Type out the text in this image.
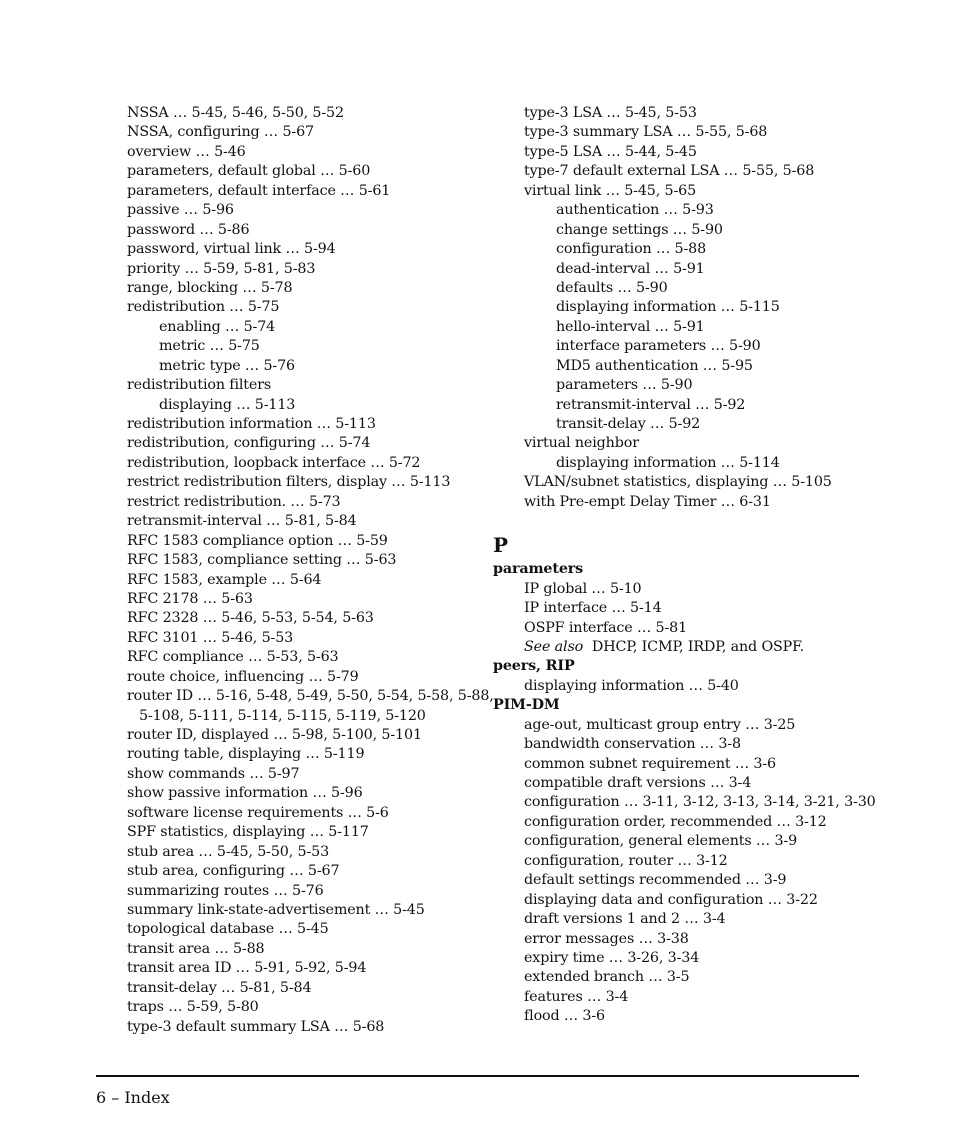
NSSA … 5-45, 5-46, 5-50, 5-52
NSSA, configuring … 5-67
overview … 5-46
parameters, default global … 5-60
parameters, default interface … 5-61
passive … 5-96
password … 5-86
password, virtual link … 5-94
priority … 5-59, 5-81, 5-83
range, blocking … 5-78
redistribution … 5-75
enabling … 5-74
metric … 5-75
metric type … 5-76
redistribution filters
displaying … 5-113
redistribution information … 5-113
redistribution, configuring … 5-74
redistribution, loopback interface … 5-72
restrict redistribution filters, display … 5-113
restrict redistribution. … 5-73
retransmit-interval … 5-81, 5-84
RFC 1583 compliance option … 5-59
RFC 1583, compliance setting … 5-63
RFC 1583, example … 5-64
RFC 2178 … 5-63
RFC 2328 … 5-46, 5-53, 5-54, 5-63
RFC 3101 … 5-46, 5-53
RFC compliance … 5-53, 5-63
route choice, influencing … 5-79
router ID … 5-16, 5-48, 5-49, 5-50, 5-54, 5-58, 5-88,
5-108, 5-111, 5-114, 5-115, 5-119, 5-120
router ID, displayed … 5-98, 5-100, 5-101
routing table, displaying … 5-119
show commands … 5-97
show passive information … 5-96
software license requirements … 5-6
SPF statistics, displaying … 5-117
stub area … 5-45, 5-50, 5-53
stub area, configuring … 5-67
summarizing routes … 5-76
summary link-state-advertisement … 5-45
topological database … 5-45
transit area … 5-88
transit area ID … 5-91, 5-92, 5-94
transit-delay … 5-81, 5-84
traps … 5-59, 5-80
type-3 default summary LSA … 5-68
type-3 LSA … 5-45, 5-53
type-3 summary LSA … 5-55, 5-68
type-5 LSA … 5-44, 5-45
type-7 default external LSA … 5-55, 5-68
virtual link … 5-45, 5-65
authentication … 5-93
change settings … 5-90
configuration … 5-88
dead-interval … 5-91
defaults … 5-90
displaying information … 5-115
hello-interval … 5-91
interface parameters … 5-90
MD5 authentication … 5-95
parameters … 5-90
retransmit-interval … 5-92
transit-delay … 5-92
virtual neighbor
displaying information … 5-114
VLAN/subnet statistics, displaying … 5-105
with Pre-empt Delay Timer … 6-31
P
parameters
IP global … 5-10
IP interface … 5-14
OSPF interface … 5-81
See also DHCP, ICMP, IRDP, and OSPF.
peers, RIP
displaying information … 5-40
PIM-DM
age-out, multicast group entry … 3-25
bandwidth conservation … 3-8
common subnet requirement … 3-6
compatible draft versions … 3-4
configuration … 3-11, 3-12, 3-13, 3-14, 3-21, 3-30
configuration order, recommended … 3-12
configuration, general elements … 3-9
configuration, router … 3-12
default settings recommended … 3-9
displaying data and configuration … 3-22
draft versions 1 and 2 … 3-4
error messages … 3-38
expiry time … 3-26, 3-34
extended branch … 3-5
features … 3-4
flood … 3-6
6 – Index
